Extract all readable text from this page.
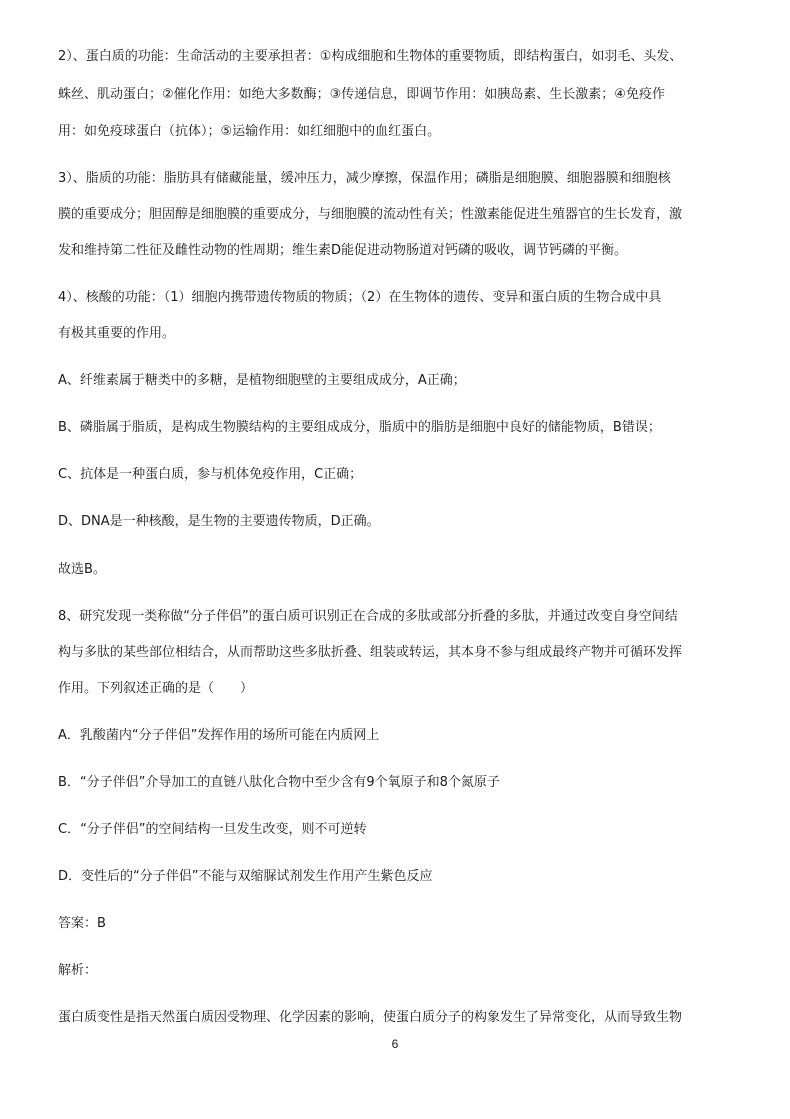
2）、蛋白质的功能：生命活动的主要承担者：①构成细胞和生物体的重要物质，即结构蛋白，如羽毛、头发、
蛛丝、肌动蛋白；②催化作用：如绝大多数酶；③传递信息，即调节作用：如胰岛素、生长激素；④免疫作
用：如免疫球蛋白（抗体）；⑤运输作用：如红细胞中的血红蛋白。
3）、脂质的功能：脂肪具有储藏能量，缓冲压力，减少摩擦，保温作用；磷脂是细胞膜、细胞器膜和细胞核
膜的重要成分；胆固醇是细胞膜的重要成分，与细胞膜的流动性有关；性激素能促进生殖器官的生长发育，激
发和维持第二性征及雌性动物的性周期；维生素D能促进动物肠道对钙磷的吸收，调节钙磷的平衡。
4）、核酸的功能：（1）细胞内携带遗传物质的物质；（2）在生物体的遗传、变异和蛋白质的生物合成中具
有极其重要的作用。
A、纤维素属于糖类中的多糖，是植物细胞壁的主要组成成分，A正确；
B、磷脂属于脂质，是构成生物膜结构的主要组成成分，脂质中的脂肪是细胞中良好的储能物质，B错误；
C、抗体是一种蛋白质，参与机体免疫作用，C正确；
D、DNA是一种核酸，是生物的主要遗传物质，D正确。
故选B。
8、研究发现一类称做“分子伴侣”的蛋白质可识别正在合成的多肽或部分折叠的多肽，并通过改变自身空间结
构与多肽的某些部位相结合，从而帮助这些多肽折叠、组装或转运，其本身不参与组成最终产物并可循环发挥
作用。下列叙述正确的是（　　）
A．乳酸菌内“分子伴侣”发挥作用的场所可能在内质网上
B．“分子伴侣”介导加工的直链八肽化合物中至少含有9个氧原子和8个氮原子
C．“分子伴侣”的空间结构一旦发生改变，则不可逆转
D．变性后的“分子伴侣”不能与双缩脲试剂发生作用产生紫色反应
答案：B
解析：
蛋白质变性是指天然蛋白质因受物理、化学因素的影响，使蛋白质分子的构象发生了异常变化，从而导致生物
6
